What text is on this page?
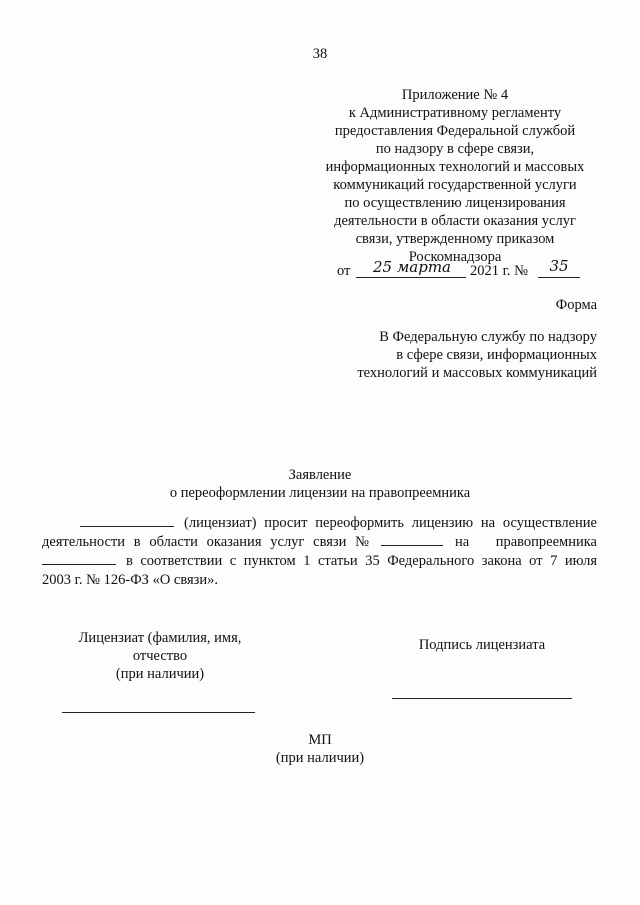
38
Приложение № 4
к Административному регламенту
предоставления Федеральной службой
по надзору в сфере связи,
информационных технологий и массовых
коммуникаций государственной услуги
по осуществлению лицензирования
деятельности в области оказания услуг
связи, утвержденному приказом
Роскомнадзора
от	25 марта	2021 г. №	35
Форма
В Федеральную службу по надзору
в сфере связи, информационных
технологий и массовых коммуникаций
Заявление
о переоформлении лицензии на правопреемника
(лицензиат) просит переоформить лицензию на осуществление
деятельности в области оказания услуг связи №	на правопреемника
в соответствии с пунктом 1 статьи 35 Федерального закона от 7 июля
2003 г. № 126-ФЗ «О связи».
Лицензиат (фамилия, имя,
отчество
(при наличии)
Подпись лицензиата
МП
(при наличии)
